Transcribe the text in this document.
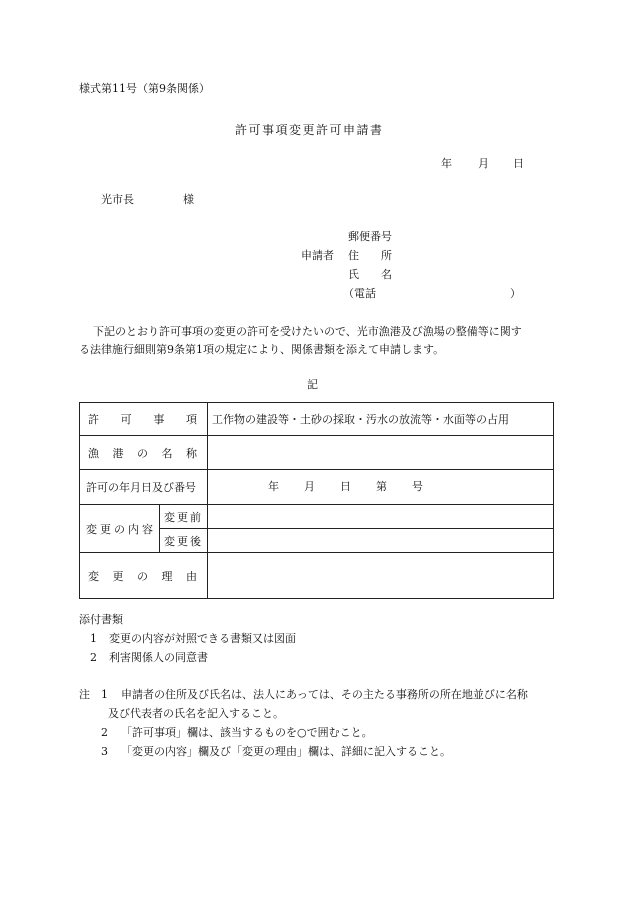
様式第11号（第9条関係）
許可事項変更許可申請書
年 月 日
光市長	様
郵便番号
申請者 住　　所
氏　　名
（電話	）
下記のとおり許可事項の変更の許可を受けたいので、光市漁港及び漁場の整備等に関す
る法律施行細則第9条第1項の規定により、関係書類を添えて申請します。
記
許 可 事 項		工作物の建設等・土砂の採取・汚水の放流等・水面等の占用

漁 港 の 名 称		

許可の年月日及び番号		年 月 日 第 号

変更の内容	変更前	
	変更後	

変 更 の 理 由		

添付書類
1 変更の内容が対照できる書類又は図面
2 利害関係人の同意書
注 1 申請者の住所及び氏名は、法人にあっては、その主たる事務所の所在地並びに名称
及び代表者の氏名を記入すること。
2 「許可事項」欄は、該当するものを○で囲むこと。
3 「変更の内容」欄及び「変更の理由」欄は、詳細に記入すること。
